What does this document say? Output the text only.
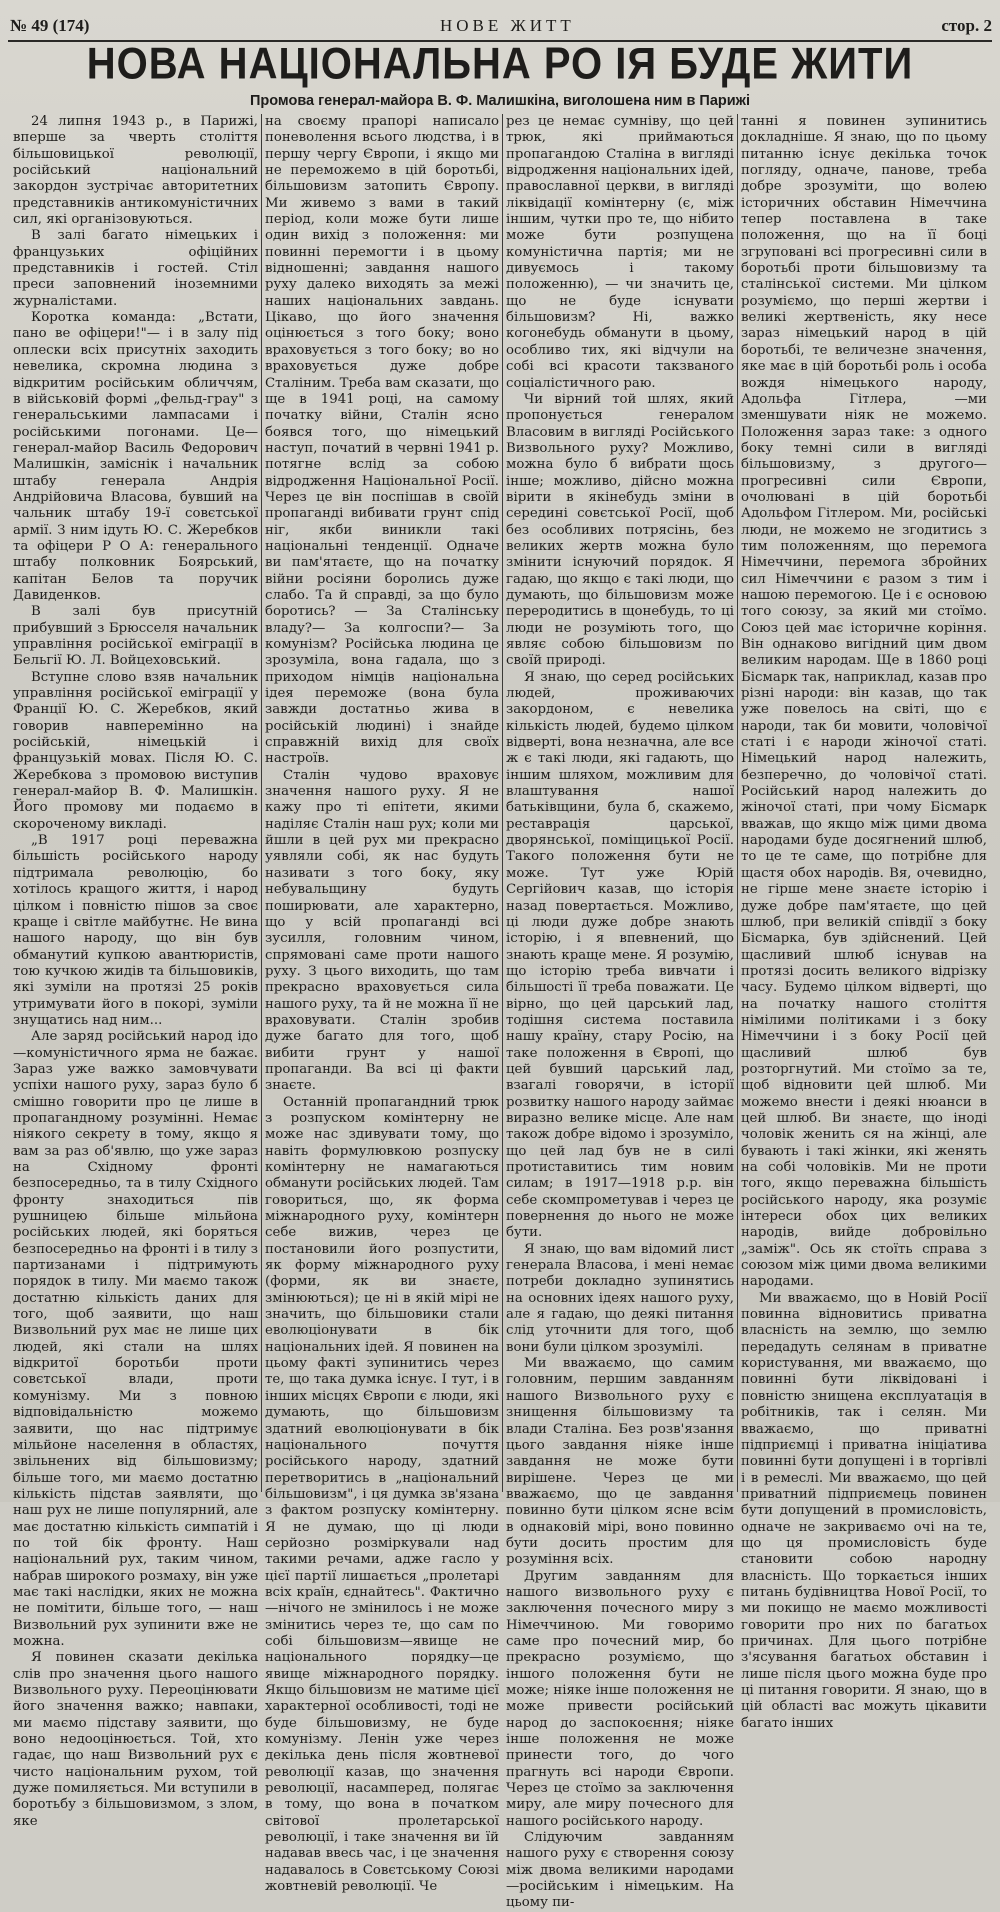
№ 49 (174)	НОВЕ ЖИТТ	стор. 2
НОВА НАЦІОНАЛЬНА РО ІЯ БУДЕ ЖИТИ
Промова генерал-майора В. Ф. Малишкіна, виголошена ним в Парижі

24 липня 1943 р., в Парижі, вперше за чверть століття більшовицької революції, російський національний закордон зустрічає авторитетних представників антикомуністичних сил, які організовуються.

В залі багато німецьких і французьких офіційних представників і гостей. Стіл преси заповнений іноземними журналістами.

Коротка команда: „Встати, пано ве офіцери!"— і в залу під оплески всіх присутніх заходить невелика, скромна людина з відкритим російським обличчям, в військовій формі „фельд-грау" з генеральськими лампасами і російськими погонами. Це—генерал-майор Василь Федорович Малишкін, заміснік і начальник штабу генерала Андрія Андрійовича Власова, бувший на чальник штабу 19-ї совєтської армії. З ним ідуть Ю. С. Жеребков та офіцери Р О А: генерального штабу полковник Боярський, капітан Белов та поручик Давиденков.

В залі був присутній прибувший з Брюсселя начальник управління російської еміграції в Бельгії Ю. Л. Войцеховський.

Вступне слово взяв начальник управління російської еміграції у Франції Ю. С. Жеребков, який говорив навперемінно на російській, німецькій і французькій мовах. Після Ю. С. Жеребкова з промовою виступив генерал-майор В. Ф. Малишкін. Його промову ми подаємо в скороченому викладі.

„В 1917 році переважна більшість російського народу підтримала революцію, бо хотілось кращого життя, і народ цілком і повністю пішов за своє краще і світле майбутнє. Не вина нашого народу, що він був обманутий купкою авантюристів, тою кучкою жидів та більшовиків, які зуміли на протязі 25 років утримувати його в покорі, зуміли знущатись над ним...

Але заряд російський народ ідо—комуністичного ярма не бажає. Зараз уже важко замовчувати успіхи нашого руху, зараз було б смішно говорити про це лише в пропагандному розумінні. Немає ніякого секрету в тому, якщо я вам за раз об'явлю, що уже зараз на Східному фронті безпосередньо, та в тилу Східного фронту знаходиться пів рушницею більше мільйона російських людей, які боряться безпосередньо на фронті і в тилу з партизанами і підтримують порядок в тилу. Ми маємо також достатню кількість даних для того, щоб заявити, що наш Визвольний рух має не лише цих людей, які стали на шлях відкритої боротьби проти совєтської влади, проти комунізму. Ми з повною відповідальністю можемо заявити, що нас підтримує мільйоне населення в областях, звільнених від більшовизму; більше того, ми маємо достатню кількість підстав заявляти, що наш рух не лише популярний, але має достатню кількість симпатій і по той бік фронту. Наш національний рух, таким чином, набрав широкого розмаху, він уже має такі наслідки, яких не можна не помітити, більше того, — наш Визвольний рух зупинити вже не можна.

Я повинен сказати декілька слів про значення цього нашого Визвольного руху. Переоцінювати його значення важко; навпаки, ми маємо підставу заявити, що воно недооцінюється. Той, хто гадає, що наш Визвольний рух є чисто національним рухом, той дуже помиляється. Ми вступили в боротьбу з більшовизмом, з злом, яке

на своєму прапорі написало поневолення всього людства, і в першу чергу Європи, і якщо ми не переможемо в цій боротьбі, більшовизм затопить Європу. Ми живемо з вами в такий період, коли може бути лише один вихід з положення: ми повинні перемогти і в цьому відношенні; завдання нашого руху далеко виходять за межі наших національних завдань. Цікаво, що його значення оцінюється з того боку; воно враховується з того боку; во но враховується дуже добре Сталіним. Треба вам сказати, що ще в 1941 році, на самому початку війни, Сталін ясно боявся того, що німецький наступ, початий в червні 1941 р. потягне вслід за собою відродження Національної Росії. Через це він поспішав в своїй пропаганді вибивати грунт спід ніг, якби виникли такі національні тенденції. Одначе ви пам'ятаєте, що на початку війни росіяни боролись дуже слабо. Та й справді, за що було боротись? — За Сталінську владу?— За колгоспи?— За комунізм? Російська людина це зрозуміла, вона гадала, що з приходом німців національна ідея переможе (вона була завжди достатньо жива в російській людині) і знайде справжній вихід для своїх настроїв.

Сталін чудово враховує значення нашого руху. Я не кажу про ті епітети, якими наділяє Сталін наш рух; коли ми йшли в цей рух ми прекрасно уявляли собі, як нас будуть називати з того боку, яку небувальщину будуть поширювати, але характерно, що у всій пропаганді всі зусилля, головним чином, спрямовані саме проти нашого руху. З цього виходить, що там прекрасно враховується сила нашого руху, та й не можна її не враховувати. Сталін зробив дуже багато для того, щоб вибити грунт у нашої пропаганди. Ва всі ці факти знаєте.

Останній пропагандний трюк з розпуском комінтерну не може нас здивувати тому, що навіть формулювкою розпуску комінтерну не намагаються обманути російських людей. Там говориться, що, як форма міжнародного руху, комінтерн себе вижив, через це постановили його розпустити, як форму міжнародного руху (форми, як ви знаєте, змінюються); це ні в якій мірі не значить, що більшовики стали еволюціонувати в бік національних ідей. Я повинен на цьому факті зупинитись через те, що така думка існує. І тут, і в інших місцях Європи є люди, які думають, що більшовизм здатний еволюціонувати в бік національного почуття російського народу, здатний перетворитись в „національний більшовизм", і ця думка зв'язана з фактом розпуску комінтерну. Я не думаю, що ці люди серйозно розміркували над такими речами, адже гасло у цієї партії лишається „пролетарі всіх країн, єднайтесь". Фактично—нічого не змінилось і не може змінитись через те, що сам по собі більшовизм—явище не національного порядку—це явище міжнародного порядку. Якщо більшовизм не матиме цієї характерної особливості, тоді не буде більшовизму, не буде комунізму. Ленін уже через декілька день після жовтневої революції казав, що значення революції, насамперед, полягає в тому, що вона в початком світової пролетарської революції, і таке значення ви їй надавав ввесь час, і це значення надавалось в Совєтському Союзі жовтневій революції. Че

рез це немає сумніву, що цей трюк, які приймаються пропагандою Сталіна в вигляді відродження національних ідей, православної церкви, в вигляді ліквідації комінтерну (є, між іншим, чутки про те, що нібито може бути розпущена комуністична партія; ми не дивуємось і такому положенню), — чи значить це, що не буде існувати більшовизм? Ні, важко когонебудь обманути в цьому, особливо тих, які відчули на собі всі красоти такзваного соціалістичного раю.

Чи вірний той шлях, який пропонується генералом Власовим в вигляді Російського Визвольного руху? Можливо, можна було б вибрати щось інше; можливо, дійсно можна вірити в якінебудь зміни в середині совєтської Росії, щоб без особливих потрясінь, без великих жертв можна було змінити існуючий порядок. Я гадаю, що якщо є такі люди, що думають, що більшовизм може переродитись в щонебудь, то ці люди не розуміють того, що являє собою більшовизм по своїй природі.

Я знаю, що серед російських людей, проживаючих закордоном, є невелика кількість людей, будемо цілком відверті, вона незначна, але все ж є такі люди, які гадають, що іншим шляхом, можливим для влаштування нашої батьківщини, була б, скажемо, реставрація царської, дворянської, поміщицької Росії. Такого положення бути не може. Тут уже Юрій Сергійович казав, що історія назад повертається. Можливо, ці люди дуже добре знають історію, і я впевнений, що знають краще мене. Я розумію, що історію треба вивчати і більшості її треба поважати. Це вірно, що цей царський лад, тодішня система поставила нашу країну, стару Росію, на таке положення в Європі, що цей бувший царський лад, взагалі говорячи, в історії розвитку нашого народу займає виразно велике місце. Але нам також добре відомо і зрозуміло, що цей лад був не в силі протиставитись тим новим силам; в 1917—1918 р.р. він себе скомпрометував і через це повернення до нього не може бути.

Я знаю, що вам відомий лист генерала Власова, і мені немає потреби докладно зупинятись на основних ідеях нашого руху, але я гадаю, що деякі питання слід уточнити для того, щоб вони були цілком зрозумілі.

Ми вважаємо, що самим головним, першим завданням нашого Визвольного руху є знищення більшовизму та влади Сталіна. Без розв'язання цього завдання ніяке інше завдання не може бути вирішене. Через це ми вважаємо, що це завдання повинно бути цілком ясне всім в однаковій мірі, воно повинно бути досить простим для розуміння всіх.

Другим завданням для нашого визвольного руху є заключення почесного миру з Німеччиною. Ми говоримо саме про почесний мир, бо прекрасно розуміємо, що іншого положення бути не може; ніяке інше положення не може привести російський народ до заспокоєння; ніяке інше положення не може принести того, до чого прагнуть всі народи Європи. Через це стоїмо за заключення миру, але миру почесного для нашого російського народу.

Слідуючим завданням нашого руху є створення союзу між двома великими народами—російським і німецьким. На цьому пи-

танні я повинен зупинитись докладніше. Я знаю, що по цьому питанню існує декілька точок погляду, одначе, панове, треба добре зрозуміти, що волею історичних обставин Німеччина тепер поставлена в таке положення, що на її боці згруповані всі прогресивні сили в боротьбі проти більшовизму та сталінської системи. Ми цілком розуміємо, що перші жертви і великі жертвеність, яку несе зараз німецький народ в цій боротьбі, те величезне значення, яке має в цій боротьбі роль і особа вождя німецького народу, Адольфа Гітлера, —ми зменшувати ніяк не можемо. Положення зараз таке: з одного боку темні сили в вигляді більшовизму, з другого—прогресивні сили Європи, очолювані в цій боротьбі Адольфом Гітлером. Ми, російські люди, не можемо не згодитись з тим положенням, що перемога Німеччини, перемога збройних сил Німеччини є разом з тим і нашою перемогою. Це і є основою того союзу, за який ми стоїмо. Союз цей має історичне коріння. Він однаково вигідний цим двом великим народам. Ще в 1860 році Бісмарк так, наприклад, казав про різні народи: він казав, що так уже повелось на світі, що є народи, так би мовити, чоловічої статі і є народи жіночої статі. Німецький народ належить, безперечно, до чоловічої статі. Російський народ належить до жіночої статі, при чому Бісмарк вважав, що якщо між цими двома народами буде досягнений шлюб, то це те саме, що потрібне для щастя обох народів. Вя, очевидно, не гірше мене знаєте історію і дуже добре пам'ятаєте, що цей шлюб, при великій співдії з боку Бісмарка, був здійснений. Цей щасливий шлюб існував на протязі досить великого відрізку часу. Будемо цілком відверті, що на початку нашого століття німілими політиками і з боку Німеччини і з боку Росії цей щасливий шлюб був розторгнутий. Ми стоїмо за те, щоб відновити цей шлюб. Ми можемо внести і деякі нюанси в цей шлюб. Ви знаєте, що іноді чоловік женить ся на жінці, але бувають і такі жінки, які женять на собі чоловіків. Ми не проти того, якщо переважна більшість російського народу, яка розуміє інтереси обох цих великих народів, вийде добровільно „заміж". Ось як стоїть справа з союзом між цими двома великими народами.

Ми вважаємо, що в Новій Росії повинна відновитись приватна власність на землю, що землю передадуть селянам в приватне користування, ми вважаємо, що повинні бути ліквідовані і повністю знищена експлуатація в робітників, так і селян. Ми вважаємо, що приватні підприємці і приватна ініціатива повинні бути допущені і в торгівлі і в ремеслі. Ми вважаємо, що цей приватний підприємець повинен бути допущений в промисловість, одначе не закриваємо очі на те, що ця промисловість буде становити собою народну власність. Що торкається інших питань будівництва Нової Росії, то ми покищо не маємо можливості говорити про них по багатьох причинах. Для цього потрібне з'ясування багатьох обставин і лише після цього можна буде про ці питання говорити. Я знаю, що в цій області вас можуть цікавити багато інших
